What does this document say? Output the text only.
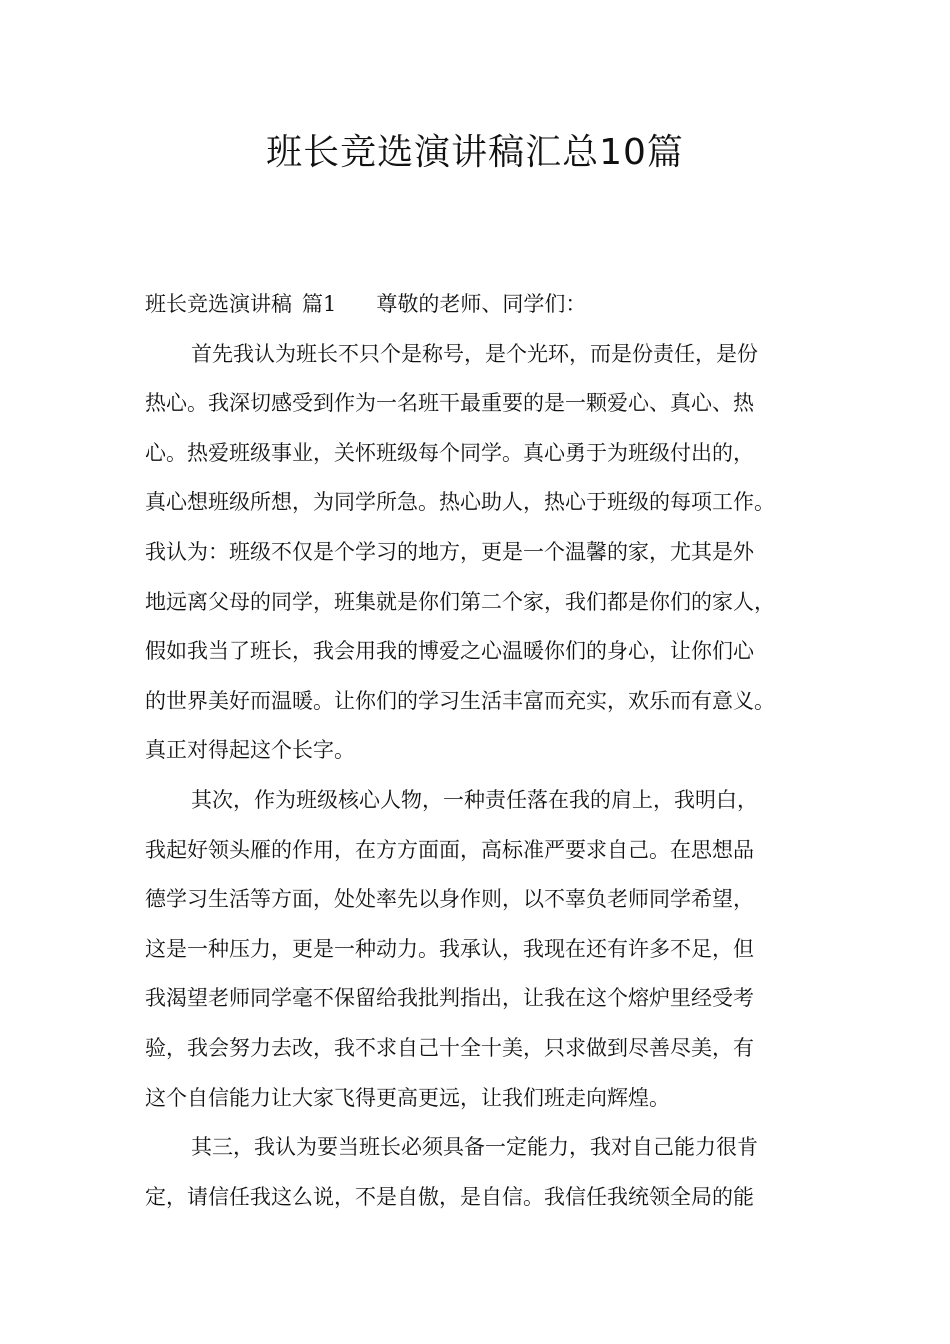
班长竞选演讲稿汇总10篇
班长竞选演讲稿 篇1 尊敬的老师、同学们：
首先我认为班长不只个是称号，是个光环，而是份责任，是份
热心。我深切感受到作为一名班干最重要的是一颗爱心、真心、热
心。热爱班级事业，关怀班级每个同学。真心勇于为班级付出的，
真心想班级所想，为同学所急。热心助人，热心于班级的每项工作。
我认为：班级不仅是个学习的地方，更是一个温馨的家，尤其是外
地远离父母的同学，班集就是你们第二个家，我们都是你们的家人，
假如我当了班长，我会用我的博爱之心温暖你们的身心，让你们心
的世界美好而温暖。让你们的学习生活丰富而充实，欢乐而有意义。
真正对得起这个长字。
其次，作为班级核心人物，一种责任落在我的肩上，我明白，
我起好领头雁的作用，在方方面面，高标准严要求自己。在思想品
德学习生活等方面，处处率先以身作则，以不辜负老师同学希望，
这是一种压力，更是一种动力。我承认，我现在还有许多不足，但
我渴望老师同学毫不保留给我批判指出，让我在这个熔炉里经受考
验，我会努力去改，我不求自己十全十美，只求做到尽善尽美，有
这个自信能力让大家飞得更高更远，让我们班走向辉煌。
其三，我认为要当班长必须具备一定能力，我对自己能力很肯
定，请信任我这么说，不是自傲，是自信。我信任我统领全局的能
